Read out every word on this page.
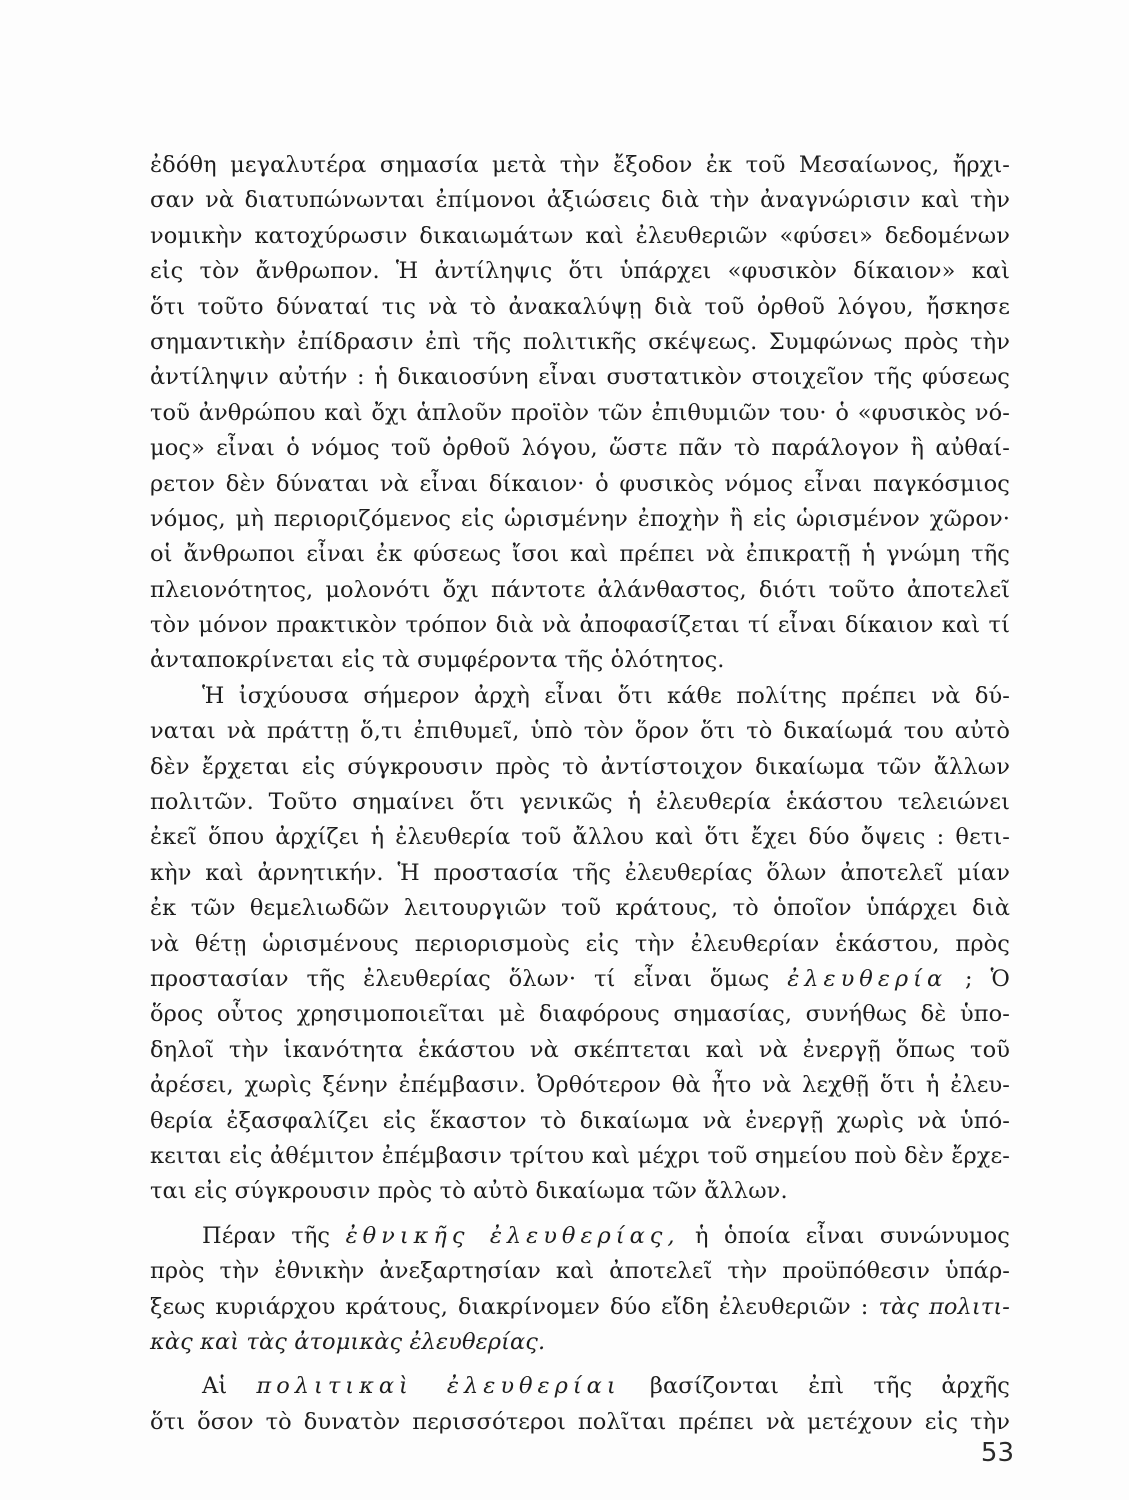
ἐδόθη μεγαλυτέρα σημασία μετὰ τὴν ἔξοδον ἐκ τοῦ Μεσαίωνος, ἤρχι-
σαν νὰ διατυπώνωνται ἐπίμονοι ἀξιώσεις διὰ τὴν ἀναγνώρισιν καὶ τὴν
νομικὴν κατοχύρωσιν δικαιωμάτων καὶ ἐλευθεριῶν «φύσει» δεδομένων
εἰς τὸν ἄνθρωπον. Ἡ ἀντίληψις ὅτι ὑπάρχει «φυσικὸν δίκαιον» καὶ
ὅτι τοῦτο δύναταί τις νὰ τὸ ἀνακαλύψῃ διὰ τοῦ ὀρθοῦ λόγου, ἤσκησε
σημαντικὴν ἐπίδρασιν ἐπὶ τῆς πολιτικῆς σκέψεως. Συμφώνως πρὸς τὴν
ἀντίληψιν αὐτήν : ἡ δικαιοσύνη εἶναι συστατικὸν στοιχεῖον τῆς φύσεως
τοῦ ἀνθρώπου καὶ ὄχι ἁπλοῦν προϊὸν τῶν ἐπιθυμιῶν του· ὁ «φυσικὸς νό-
μος» εἶναι ὁ νόμος τοῦ ὀρθοῦ λόγου, ὥστε πᾶν τὸ παράλογον ἢ αὐθαί-
ρετον δὲν δύναται νὰ εἶναι δίκαιον· ὁ φυσικὸς νόμος εἶναι παγκόσμιος
νόμος, μὴ περιοριζόμενος εἰς ὡρισμένην ἐποχὴν ἢ εἰς ὡρισμένον χῶρον·
οἱ ἄνθρωποι εἶναι ἐκ φύσεως ἴσοι καὶ πρέπει νὰ ἐπικρατῇ ἡ γνώμη τῆς
πλειονότητος, μολονότι ὄχι πάντοτε ἀλάνθαστος, διότι τοῦτο ἀποτελεῖ
τὸν μόνον πρακτικὸν τρόπον διὰ νὰ ἀποφασίζεται τί εἶναι δίκαιον καὶ τί
ἀνταποκρίνεται εἰς τὰ συμφέροντα τῆς ὁλότητος.
Ἡ ἰσχύουσα σήμερον ἀρχὴ εἶναι ὅτι κάθε πολίτης πρέπει νὰ δύ-
ναται νὰ πράττῃ ὅ,τι ἐπιθυμεῖ, ὑπὸ τὸν ὅρον ὅτι τὸ δικαίωμά του αὐτὸ
δὲν ἔρχεται εἰς σύγκρουσιν πρὸς τὸ ἀντίστοιχον δικαίωμα τῶν ἄλλων
πολιτῶν. Τοῦτο σημαίνει ὅτι γενικῶς ἡ ἐλευθερία ἑκάστου τελειώνει
ἐκεῖ ὅπου ἀρχίζει ἡ ἐλευθερία τοῦ ἄλλου καὶ ὅτι ἔχει δύο ὄψεις : θετι-
κὴν καὶ ἀρνητικήν. Ἡ προστασία τῆς ἐλευθερίας ὅλων ἀποτελεῖ μίαν
ἐκ τῶν θεμελιωδῶν λειτουργιῶν τοῦ κράτους, τὸ ὁποῖον ὑπάρχει διὰ
νὰ θέτῃ ὡρισμένους περιορισμοὺς εἰς τὴν ἐλευθερίαν ἑκάστου, πρὸς
προστασίαν τῆς ἐλευθερίας ὅλων· τί εἶναι ὅμως ἐλευθερία ; Ὁ
ὅρος οὗτος χρησιμοποιεῖται μὲ διαφόρους σημασίας, συνήθως δὲ ὑπο-
δηλοῖ τὴν ἱκανότητα ἑκάστου νὰ σκέπτεται καὶ νὰ ἐνεργῇ ὅπως τοῦ
ἀρέσει, χωρὶς ξένην ἐπέμβασιν. Ὀρθότερον θὰ ἦτο νὰ λεχθῇ ὅτι ἡ ἐλευ-
θερία ἐξασφαλίζει εἰς ἕκαστον τὸ δικαίωμα νὰ ἐνεργῇ χωρὶς νὰ ὑπό-
κειται εἰς ἀθέμιτον ἐπέμβασιν τρίτου καὶ μέχρι τοῦ σημείου ποὺ δὲν ἔρχε-
ται εἰς σύγκρουσιν πρὸς τὸ αὐτὸ δικαίωμα τῶν ἄλλων.
Πέραν τῆς ἐθνικῆς ἐλευθερίας, ἡ ὁποία εἶναι συνώνυμος
πρὸς τὴν ἐθνικὴν ἀνεξαρτησίαν καὶ ἀποτελεῖ τὴν προϋπόθεσιν ὑπάρ-
ξεως κυριάρχου κράτους, διακρίνομεν δύο εἴδη ἐλευθεριῶν : τὰς πολιτι-
κὰς καὶ τὰς ἀτομικὰς ἐλευθερίας.
Αἱ πολιτικαὶ ἐλευθερίαι βασίζονται ἐπὶ τῆς ἀρχῆς
ὅτι ὅσον τὸ δυνατὸν περισσότεροι πολῖται πρέπει νὰ μετέχουν εἰς τὴν
53
